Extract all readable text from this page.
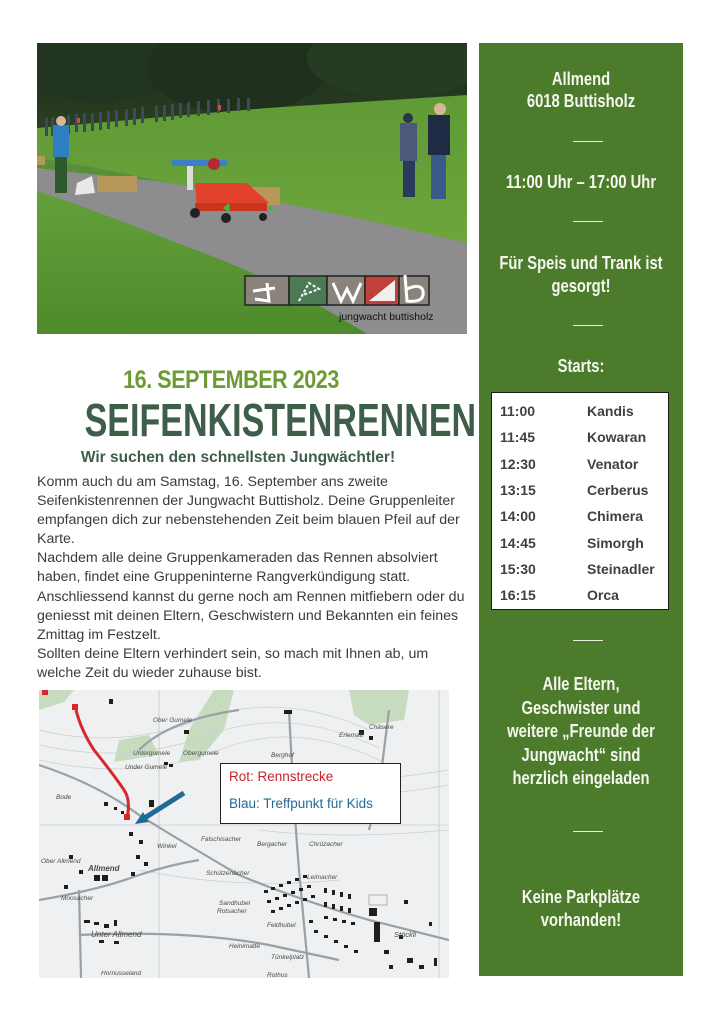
jungwacht buttisholz
16. SEPTEMBER 2023
SEIFENKISTENRENNEN
Wir suchen den schnellsten Jungwächtler!

Komm auch du am Samstag, 16. September ans zweite Seifenkistenrennen der Jungwacht Buttisholz. Deine Gruppenleiter empfangen dich zur nebenstehenden Zeit beim blauen Pfeil auf der Karte.

Nachdem alle deine Gruppenkameraden das Rennen absolviert haben, findet eine Gruppeninterne Rangverkündigung statt.

Anschliessend kannst du gerne noch am Rennen mitfiebern oder du geniesst mit deinen Eltern, Geschwistern und Bekannten ein feines Zmittag im Festzelt.

Sollten deine Eltern verhindert sein, so mach mit Ihnen ab, um welche Zeit du wieder zuhause bist.

Ober Gumele
Untergumele Obergumele
Under Gumele
Bode
Berghof
Erlematt
Chäsere
Falschisacher
Bergacher	Chrüzacher
Winkel
Ober Allmend
Allmend
Moosacher
Schützenächer
Leimacher
Sandhubel
Rotsacher
Feldhubel
Unter Allmend
Heinimatte
Tünkelplatz
Stöckli
Hornusseland	Rothus
Rot: Rennstrecke
Blau: Treffpunkt für Kids
Allmend
6018 Buttisholz
11:00 Uhr – 17:00 Uhr
Für Speis und Trank ist
gesorgt!
Starts:
11:00	Kandis
11:45	Kowaran
12:30	Venator
13:15	Cerberus
14:00	Chimera
14:45	Simorgh
15:30	Steinadler
16:15	Orca
Alle Eltern,
Geschwister und
weitere „Freunde der
Jungwacht“ sind
herzlich eingeladen
Keine Parkplätze
vorhanden!
